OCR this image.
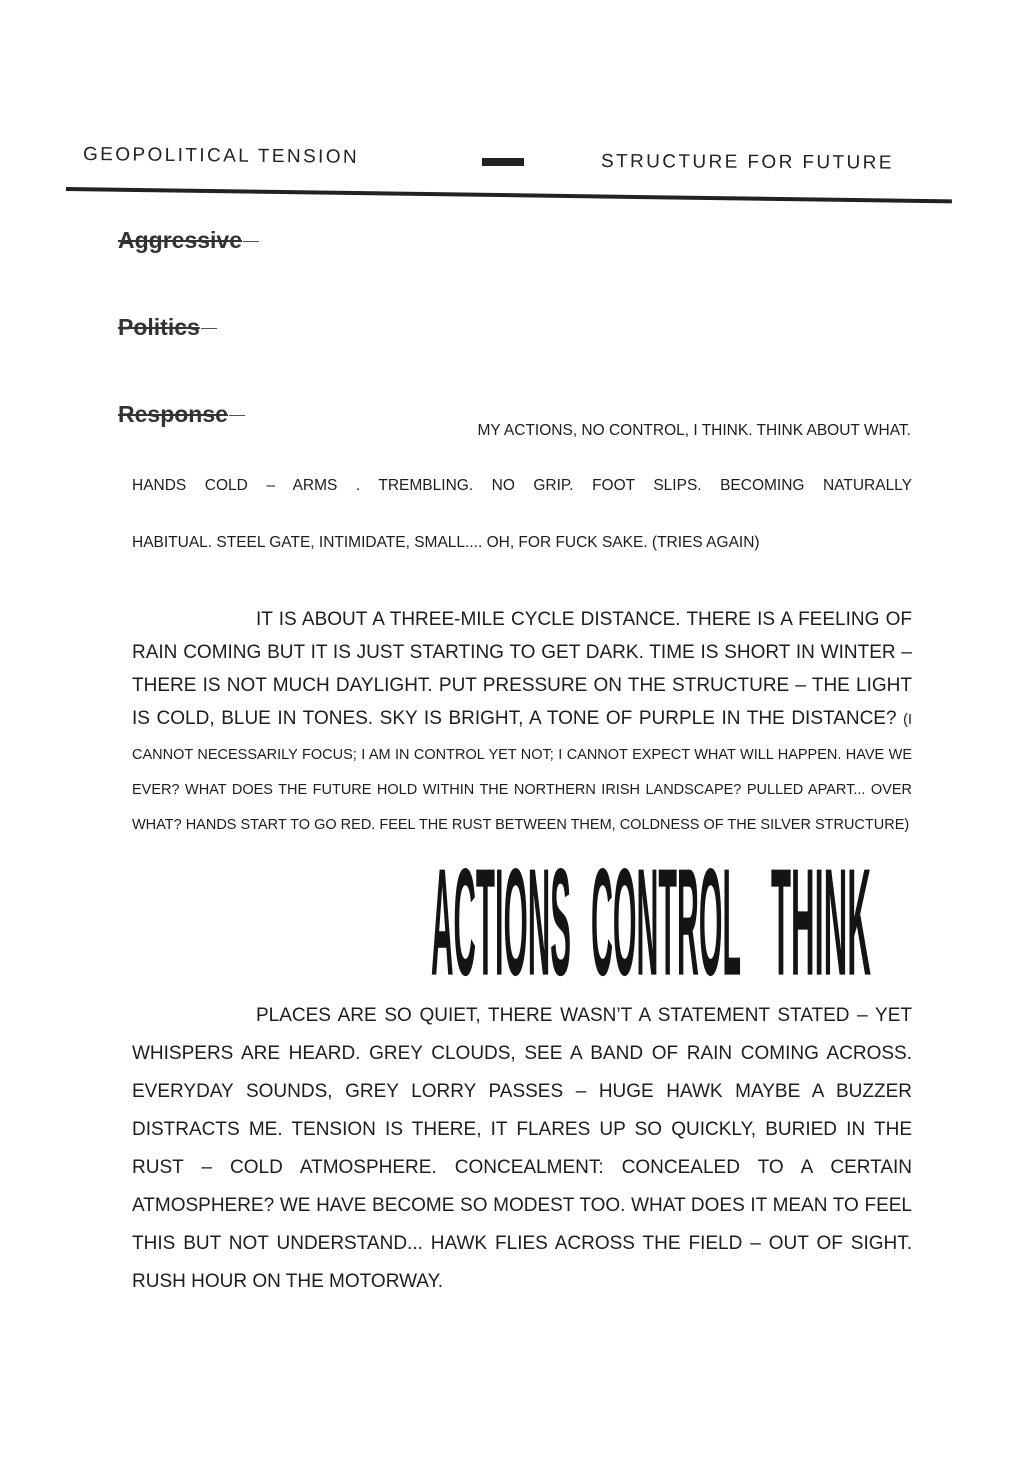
GEOPOLITICAL TENSION	STRUCTURE FOR FUTURE
Aggressive
Politics
Response
MY ACTIONS, NO CONTROL, I THINK. THINK ABOUT WHAT.
HANDS COLD – ARMS . TREMBLING. NO GRIP. FOOT SLIPS. BECOMING NATURALLY
HABITUAL. STEEL GATE, INTIMIDATE, SMALL.... OH, FOR FUCK SAKE. (TRIES AGAIN)
IT IS ABOUT A THREE-MILE CYCLE DISTANCE. THERE IS A FEELING OF RAIN COMING BUT IT IS JUST STARTING TO GET DARK. TIME IS SHORT IN WINTER – THERE IS NOT MUCH DAYLIGHT. PUT PRESSURE ON THE STRUCTURE – THE LIGHT IS COLD, BLUE IN TONES. SKY IS BRIGHT, A TONE OF PURPLE IN THE DISTANCE? (I CANNOT NECESSARILY FOCUS; I AM IN CONTROL YET NOT; I CANNOT EXPECT WHAT WILL HAPPEN. HAVE WE EVER? WHAT DOES THE FUTURE HOLD WITHIN THE NORTHERN IRISH LANDSCAPE? PULLED APART... OVER WHAT? HANDS START TO GO RED. FEEL THE RUST BETWEEN THEM, COLDNESS OF THE SILVER STRUCTURE)
ACTIONS CONTROL THINK
PLACES ARE SO QUIET, THERE WASN’T A STATEMENT STATED – YET WHISPERS ARE HEARD. GREY CLOUDS, SEE A BAND OF RAIN COMING ACROSS. EVERYDAY SOUNDS, GREY LORRY PASSES – HUGE HAWK MAYBE A BUZZER DISTRACTS ME. TENSION IS THERE, IT FLARES UP SO QUICKLY, BURIED IN THE RUST – COLD ATMOSPHERE. CONCEALMENT: CONCEALED TO A CERTAIN ATMOSPHERE? WE HAVE BECOME SO MODEST TOO. WHAT DOES IT MEAN TO FEEL THIS BUT NOT UNDERSTAND... HAWK FLIES ACROSS THE FIELD – OUT OF SIGHT. RUSH HOUR ON THE MOTORWAY.
